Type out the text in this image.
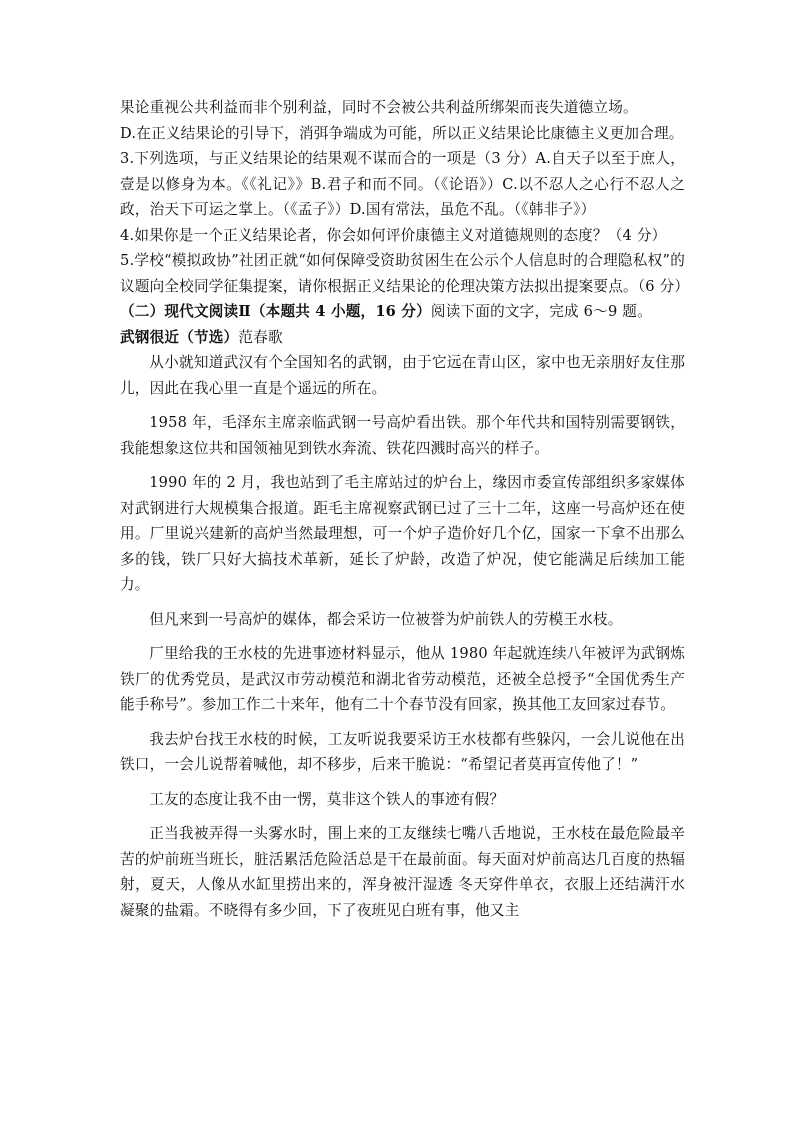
果论重视公共利益而非个别利益，同时不会被公共利益所绑架而丧失道德立场。

D.在正义结果论的引导下，消弭争端成为可能，所以正义结果论比康德主义更加合理。

3.下列选项，与正义结果论的结果观不谋而合的一项是（3 分）A.自天子以至于庶人，壹是以修身为本。《《礼记》》B.君子和而不同。（《论语》）C.以不忍人之心行不忍人之政，治天下可运之掌上。（《孟子》）D.国有常法，虽危不乱。（《韩非子》）

4.如果你是一个正义结果论者，你会如何评价康德主义对道德规则的态度？（4 分）

5.学校“模拟政协”社团正就“如何保障受资助贫困生在公示个人信息时的合理隐私权”的议题向全校同学征集提案，请你根据正义结果论的伦理决策方法拟出提案要点。（6 分）

（二）现代文阅读Ⅱ（本题共 4 小题，16 分）阅读下面的文字，完成 6～9 题。

武钢很近（节选）范春歌

从小就知道武汉有个全国知名的武钢，由于它远在青山区，家中也无亲朋好友住那儿，因此在我心里一直是个遥远的所在。

1958 年，毛泽东主席亲临武钢一号高炉看出铁。那个年代共和国特别需要钢铁，我能想象这位共和国领袖见到铁水奔流、铁花四溅时高兴的样子。

1990 年的 2 月，我也站到了毛主席站过的炉台上，缘因市委宣传部组织多家媒体对武钢进行大规模集合报道。距毛主席视察武钢已过了三十二年，这座一号高炉还在使用。厂里说兴建新的高炉当然最理想，可一个炉子造价好几个亿，国家一下拿不出那么多的钱，铁厂只好大搞技术革新，延长了炉龄，改造了炉况，使它能满足后续加工能力。

但凡来到一号高炉的媒体，都会采访一位被誉为炉前铁人的劳模王水枝。

厂里给我的王水枝的先进事迹材料显示，他从 1980 年起就连续八年被评为武钢炼铁厂的优秀党员，是武汉市劳动模范和湖北省劳动模范，还被全总授予“全国优秀生产能手称号”。参加工作二十来年，他有二十个春节没有回家，换其他工友回家过春节。

我去炉台找王水枝的时候，工友听说我要采访王水枝都有些躲闪，一会儿说他在出铁口，一会儿说帮着喊他，却不移步，后来干脆说：“希望记者莫再宣传他了！”

工友的态度让我不由一愣，莫非这个铁人的事迹有假？

正当我被弄得一头雾水时，围上来的工友继续七嘴八舌地说，王水枝在最危险最辛苦的炉前班当班长，脏活累活危险活总是干在最前面。每天面对炉前高达几百度的热辐射，夏天，人像从水缸里捞出来的，浑身被汗湿透 冬天穿件单衣，衣服上还结满汗水凝聚的盐霜。不晓得有多少回，下了夜班见白班有事，他又主
